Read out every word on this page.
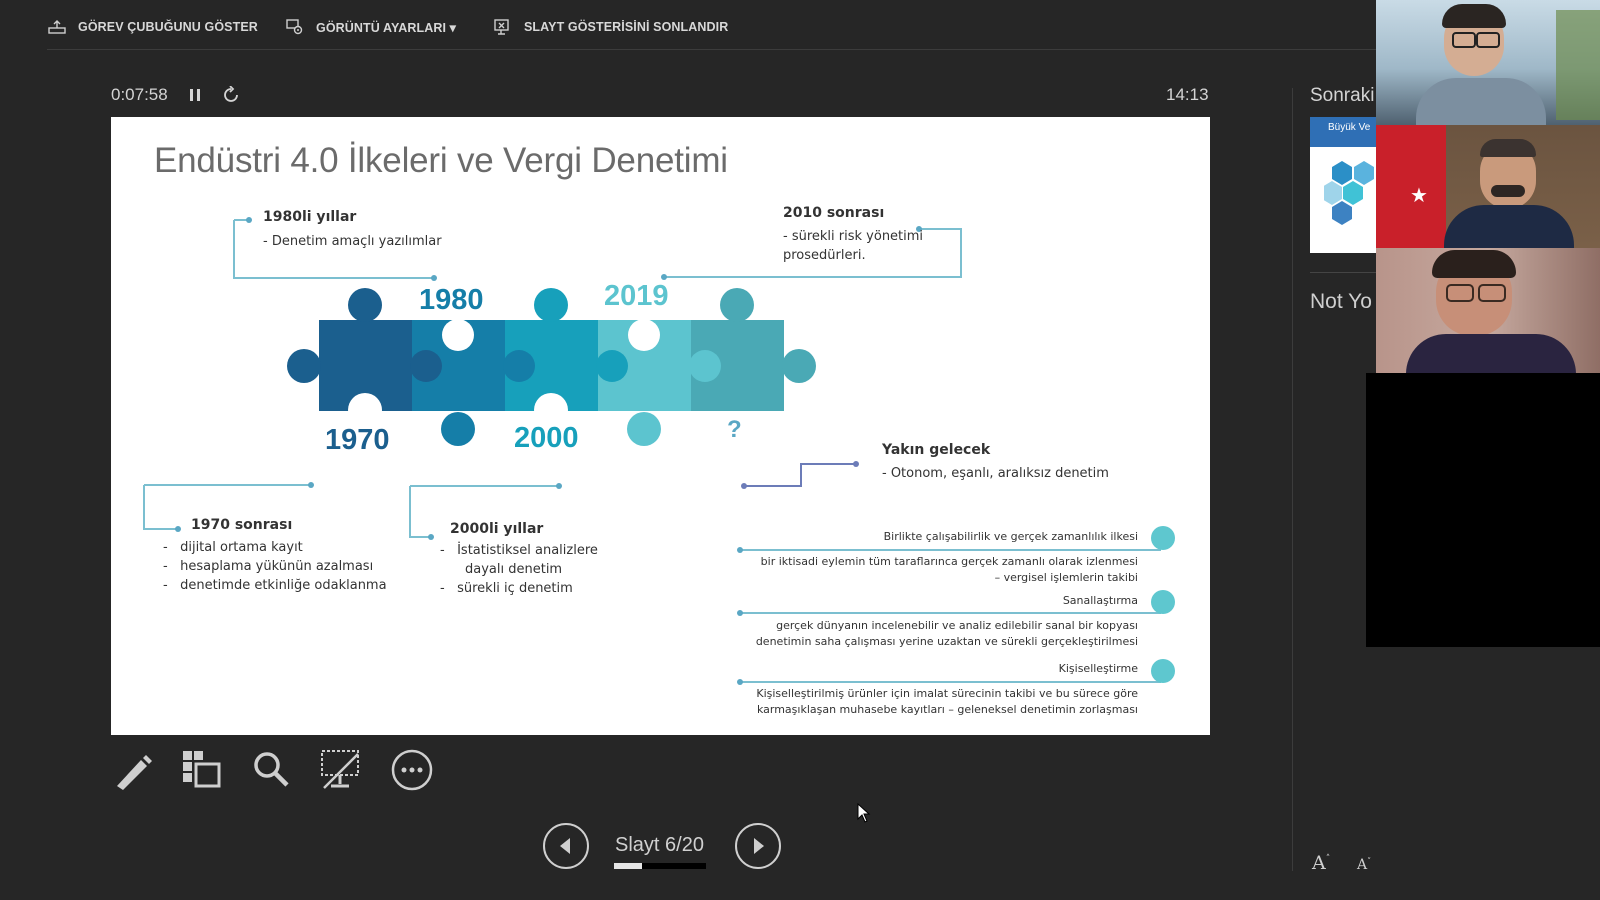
GÖREV ÇUBUĞUNU GÖSTER	GÖRÜNTÜ AYARLARI ▾	SLAYT GÖSTERİSİNİ SONLANDIR
0:07:58	14:13
Endüstri 4.0 İlkeleri ve Vergi Denetimi
1970
1980
2000
2019
?
1980li yıllar
- Denetim amaçlı yazılımlar
2010 sonrası
- sürekli risk yönetimi
prosedürleri.
1970 sonrası
-   dijital ortama kayıt
-   hesaplama yükünün azalması
-   denetimde etkinliğe odaklanma
2000li yıllar
-   İstatistiksel analizlere
dayalı denetim
-   sürekli iç denetim
Yakın gelecek
- Otonom, eşanlı, aralıksız denetim
Birlikte çalışabilirlik ve gerçek zamanlılık ilkesi
bir iktisadi eylemin tüm taraflarınca gerçek zamanlı olarak izlenmesi
– vergisel işlemlerin takibi
Sanallaştırma
gerçek dünyanın incelenebilir ve analiz edilebilir sanal bir kopyası
denetimin saha çalışması yerine uzaktan ve sürekli gerçekleştirilmesi
Kişiselleştirme
Kişiselleştirilmiş ürünler için imalat sürecinin takibi ve bu sürece göre
karmaşıklaşan muhasebe kayıtları – geleneksel denetimin zorlaşması
Slayt 6/20
Sonraki
Büyük Ve
Not Yo
★
A˄ A˅
